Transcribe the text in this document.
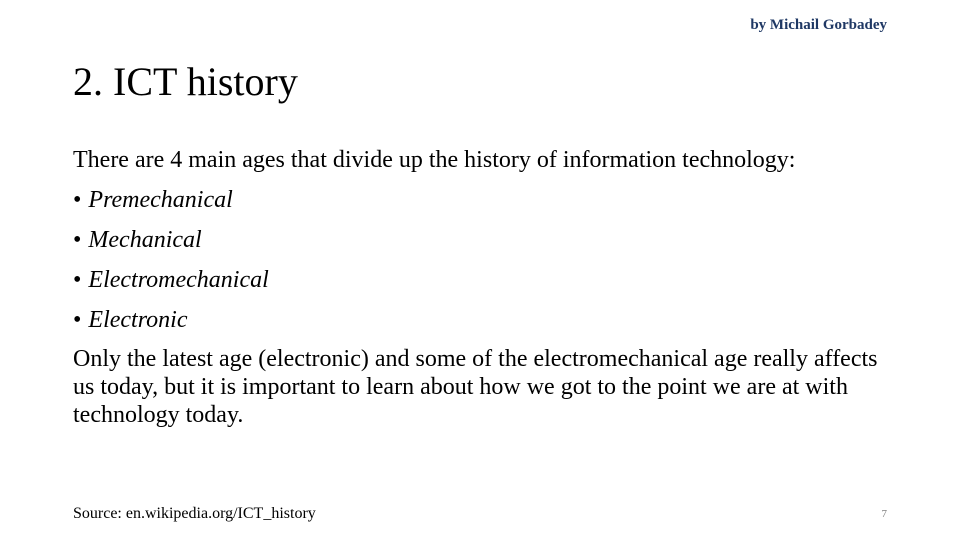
by Michail Gorbadey
2. ICT history

There are 4 main ages that divide up the history of information technology:

• Premechanical
• Mechanical
• Electromechanical
• Electronic

Only the latest age (electronic) and some of the electromechanical age really affects us today, but it is important to learn about how we got to the point we are at with technology today.

Source: en.wikipedia.org/ICT_history	7
